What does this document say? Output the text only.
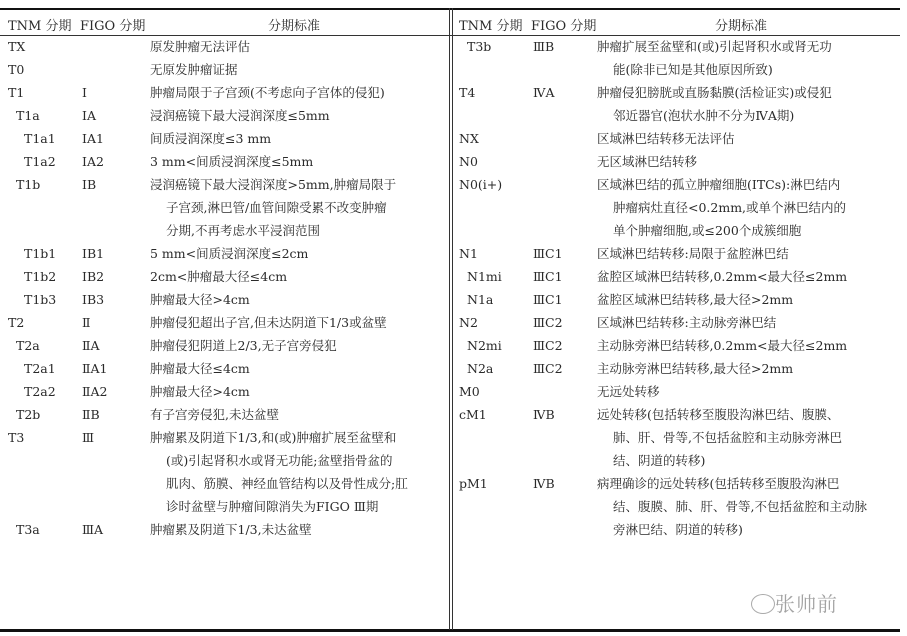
TNM 分期 FIGO 分期	分期标准
TX	原发肿瘤无法评估
T0	无原发肿瘤证据
T1	Ⅰ	肿瘤局限于子宫颈(不考虑向子宫体的侵犯)
T1a	ⅠA	浸润癌镜下最大浸润深度≤5mm
T1a1 ⅠA1	间质浸润深度≤3 mm
T1a2 ⅠA2	3 mm<间质浸润深度≤5mm
T1b	ⅠB	浸润癌镜下最大浸润深度>5mm,肿瘤局限于
子宫颈,淋巴管/血管间隙受累不改变肿瘤
分期,不再考虑水平浸润范围
T1b1 ⅠB1	5 mm<间质浸润深度≤2cm
T1b2 ⅠB2	2cm<肿瘤最大径≤4cm
T1b3 ⅠB3	肿瘤最大径>4cm
T2	Ⅱ	肿瘤侵犯超出子宫,但未达阴道下1/3或盆壁
T2a	ⅡA	肿瘤侵犯阴道上2/3,无子宫旁侵犯
T2a1 ⅡA1	肿瘤最大径≤4cm
T2a2 ⅡA2	肿瘤最大径>4cm
T2b	ⅡB	有子宫旁侵犯,未达盆壁
T3	Ⅲ	肿瘤累及阴道下1/3,和(或)肿瘤扩展至盆壁和
(或)引起肾积水或肾无功能;盆壁指骨盆的
肌肉、筋膜、神经血管结构以及骨性成分;肛
诊时盆壁与肿瘤间隙消失为FIGO Ⅲ期
T3a	ⅢA	肿瘤累及阴道下1/3,未达盆壁
TNM 分期 FIGO 分期	分期标准
T3b	ⅢB	肿瘤扩展至盆壁和(或)引起肾积水或肾无功
能(除非已知是其他原因所致)
T4	ⅣA	肿瘤侵犯膀胱或直肠黏膜(活检证实)或侵犯
邻近器官(泡状水肿不分为ⅣA期)
NX	区域淋巴结转移无法评估
N0	无区域淋巴结转移
N0(i+)	区域淋巴结的孤立肿瘤细胞(ITCs):淋巴结内
肿瘤病灶直径<0.2mm,或单个淋巴结内的
单个肿瘤细胞,或≤200个成簇细胞
N1	ⅢC1	区域淋巴结转移:局限于盆腔淋巴结
N1mi	ⅢC1	盆腔区域淋巴结转移,0.2mm<最大径≤2mm
N1a	ⅢC1	盆腔区域淋巴结转移,最大径>2mm
N2	ⅢC2	区域淋巴结转移:主动脉旁淋巴结
N2mi	ⅢC2	主动脉旁淋巴结转移,0.2mm<最大径≤2mm
N2a	ⅢC2	主动脉旁淋巴结转移,最大径>2mm
M0	无远处转移
cM1	ⅣB	远处转移(包括转移至腹股沟淋巴结、腹膜、
肺、肝、骨等,不包括盆腔和主动脉旁淋巴
结、阴道的转移)
pM1	ⅣB	病理确诊的远处转移(包括转移至腹股沟淋巴
结、腹膜、肺、肝、骨等,不包括盆腔和主动脉
旁淋巴结、阴道的转移)
张帅前
